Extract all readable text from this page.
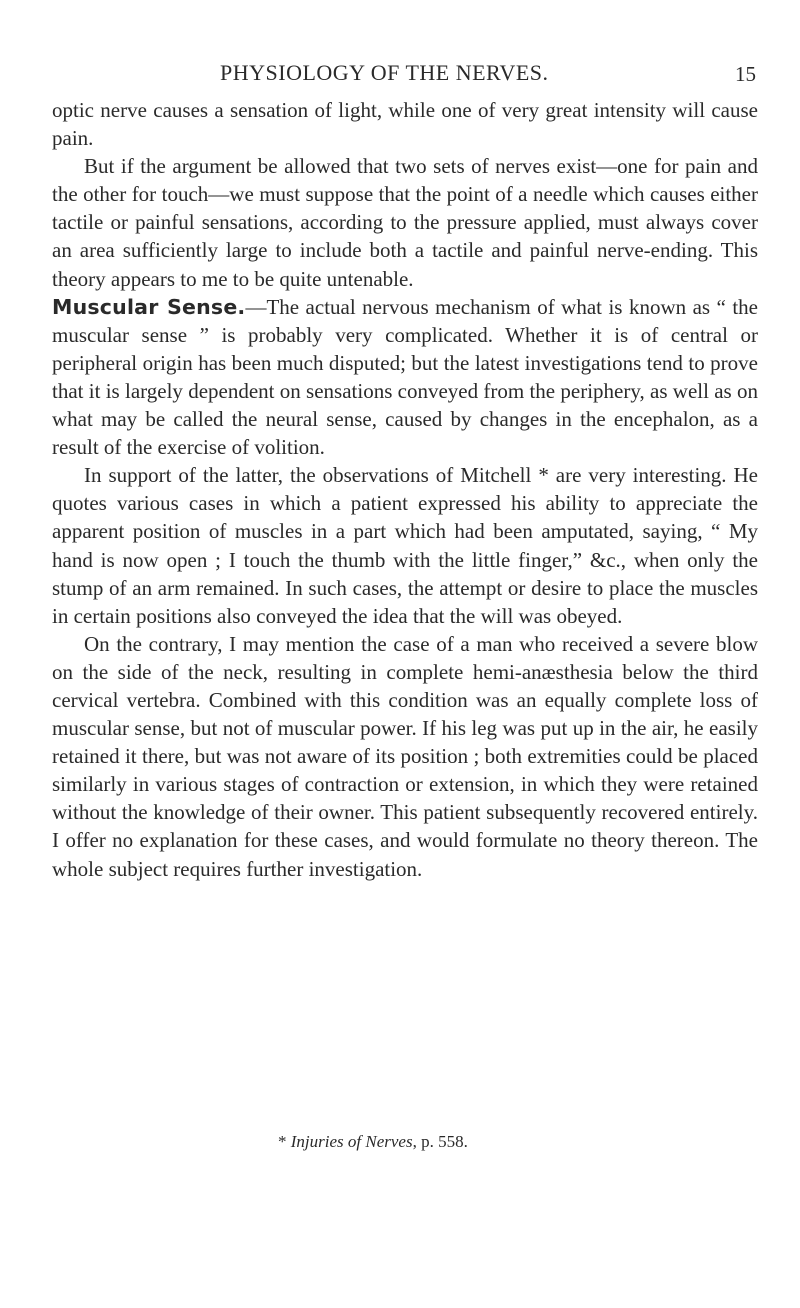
PHYSIOLOGY OF THE NERVES.	15

optic nerve causes a sensation of light, while one of very great intensity will cause pain.

But if the argument be allowed that two sets of nerves exist—one for pain and the other for touch—we must suppose that the point of a needle which causes either tactile or painful sensations, according to the pressure applied, must always cover an area sufficiently large to include both a tactile and painful nerve-ending. This theory appears to me to be quite untenable.

Muscular Sense.—The actual nervous mechanism of what is known as “ the muscular sense ” is probably very complicated. Whether it is of central or peripheral origin has been much disputed; but the latest investigations tend to prove that it is largely dependent on sensations conveyed from the periphery, as well as on what may be called the neural sense, caused by changes in the encephalon, as a result of the exercise of volition.

In support of the latter, the observations of Mitchell * are very interesting. He quotes various cases in which a patient expressed his ability to appreciate the apparent position of muscles in a part which had been amputated, saying, “ My hand is now open ; I touch the thumb with the little finger,” &c., when only the stump of an arm remained. In such cases, the attempt or desire to place the muscles in certain positions also conveyed the idea that the will was obeyed.

On the contrary, I may mention the case of a man who received a severe blow on the side of the neck, resulting in complete hemi-anæsthesia below the third cervical vertebra. Combined with this condition was an equally complete loss of muscular sense, but not of muscular power. If his leg was put up in the air, he easily retained it there, but was not aware of its position ; both extremities could be placed similarly in various stages of contraction or extension, in which they were retained without the knowledge of their owner. This patient subsequently recovered entirely. I offer no explanation for these cases, and would formulate no theory thereon. The whole subject requires further investigation.

* Injuries of Nerves, p. 558.
